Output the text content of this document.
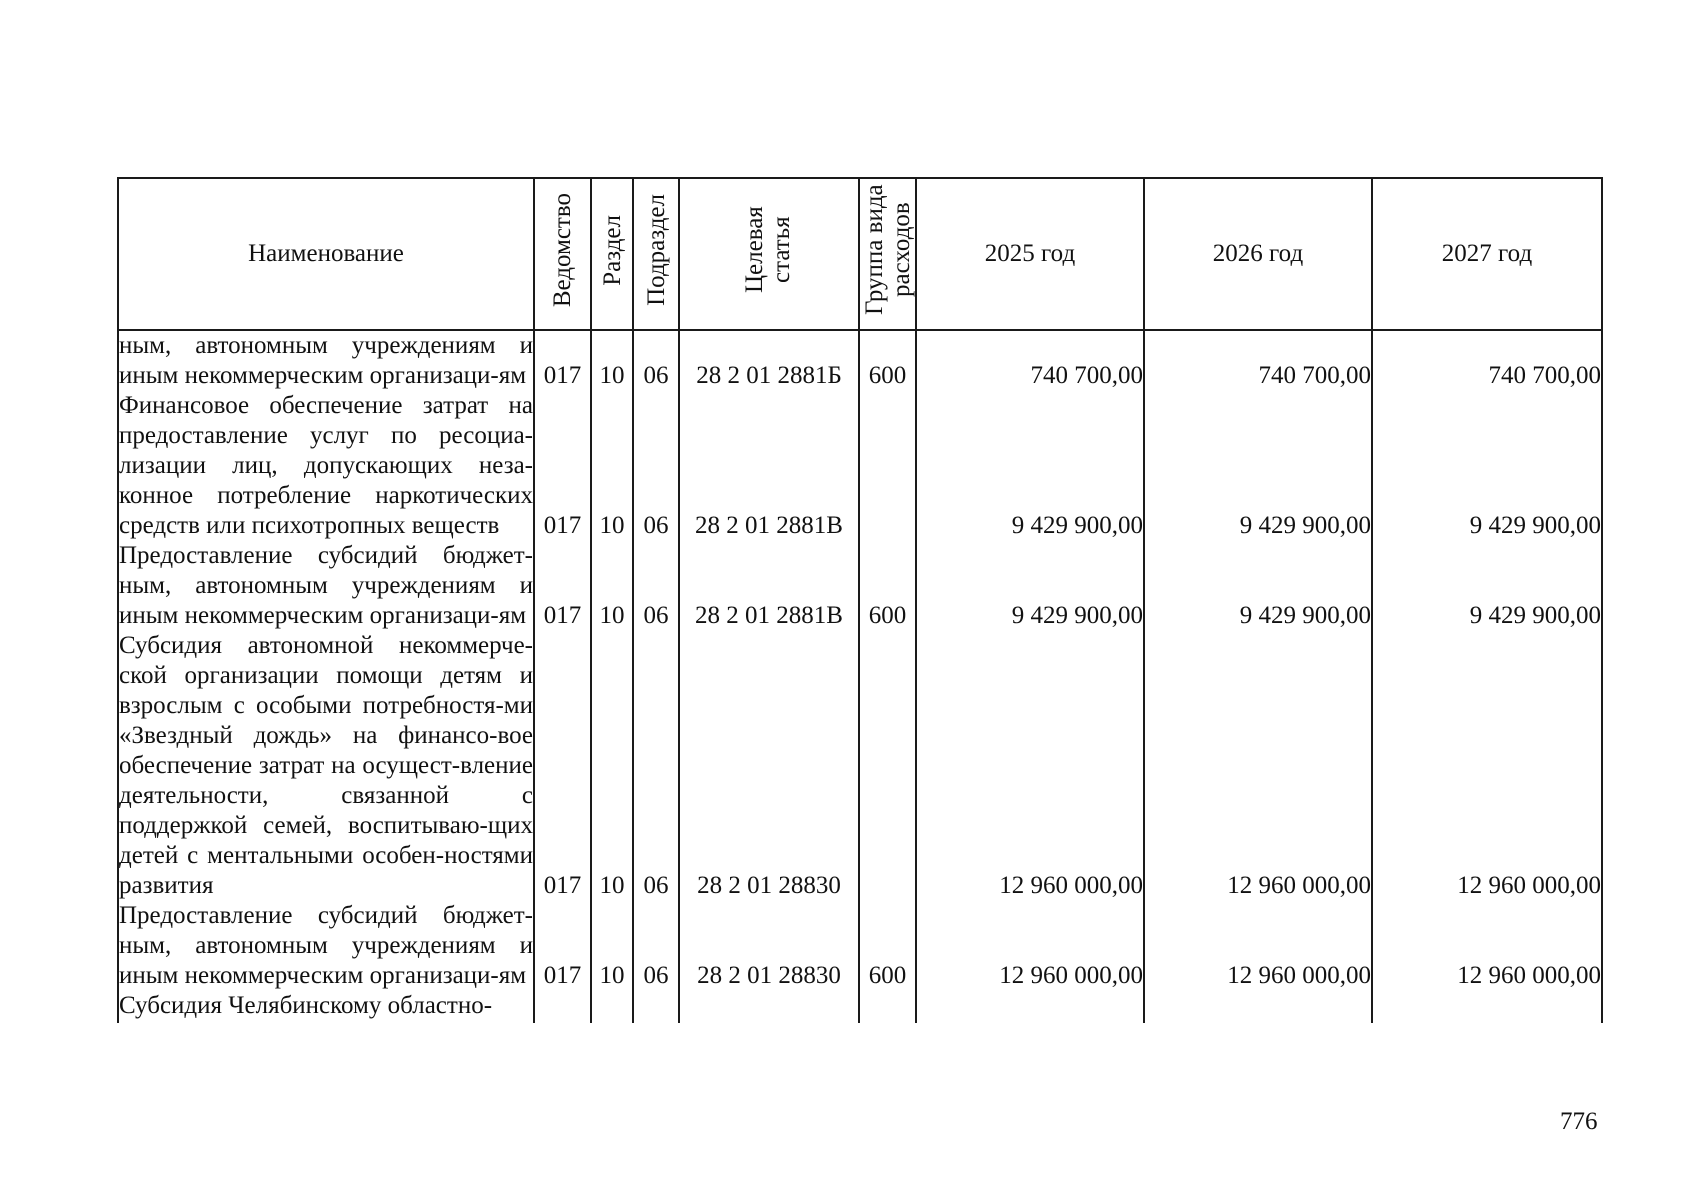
Наименование	Ведомство	Раздел	Подраздел	Целевая статья	Группа вида расходов	2025 год	2026 год	2027 год
ным, автономным учреждениям и иным некоммерческим организаци-ям	017	10	06	28 2 01 2881Б	600	740 700,00	740 700,00	740 700,00
Финансовое обеспечение затрат на предоставление услуг по ресоциа-лизации лиц, допускающих неза-конное потребление наркотических средств или психотропных веществ	017	10	06	28 2 01 2881В		9 429 900,00	9 429 900,00	9 429 900,00
Предоставление субсидий бюджет-ным, автономным учреждениям и иным некоммерческим организаци-ям	017	10	06	28 2 01 2881В	600	9 429 900,00	9 429 900,00	9 429 900,00
Субсидия автономной некоммерче-ской организации помощи детям и взрослым с особыми потребностя-ми «Звездный дождь» на финансо-вое обеспечение затрат на осущест-вление деятельности, связанной с поддержкой семей, воспитываю-щих детей с ментальными особен-ностями развития	017	10	06	28 2 01 28830		12 960 000,00	12 960 000,00	12 960 000,00
Предоставление субсидий бюджет-ным, автономным учреждениям и иным некоммерческим организаци-ям	017	10	06	28 2 01 28830	600	12 960 000,00	12 960 000,00	12 960 000,00
Субсидия Челябинскому областно-								
776
